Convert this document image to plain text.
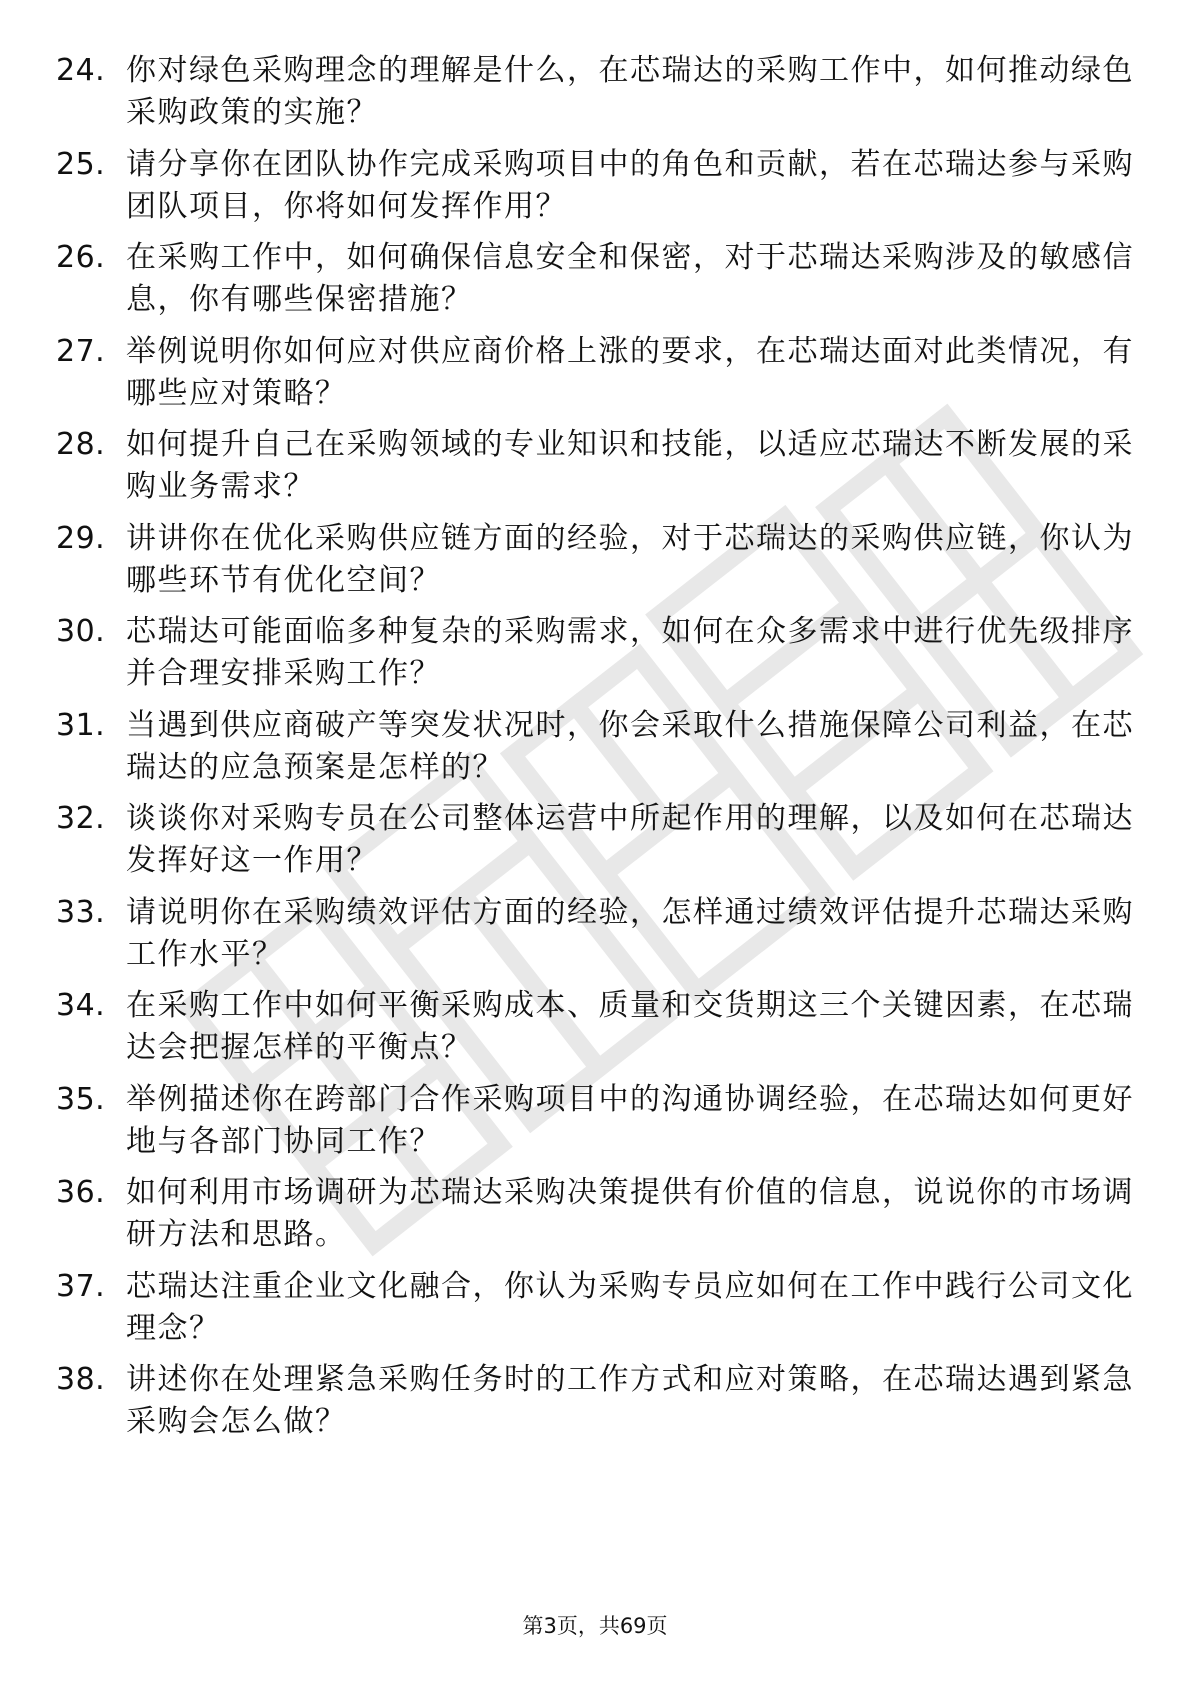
24. 你对绿色采购理念的理解是什么，在芯瑞达的采购工作中，如何推动绿色采购政策的实施？
25. 请分享你在团队协作完成采购项目中的角色和贡献，若在芯瑞达参与采购团队项目，你将如何发挥作用？
26. 在采购工作中，如何确保信息安全和保密，对于芯瑞达采购涉及的敏感信息，你有哪些保密措施？
27. 举例说明你如何应对供应商价格上涨的要求，在芯瑞达面对此类情况，有哪些应对策略？
28. 如何提升自己在采购领域的专业知识和技能，以适应芯瑞达不断发展的采购业务需求？
29. 讲讲你在优化采购供应链方面的经验，对于芯瑞达的采购供应链，你认为哪些环节有优化空间？
30. 芯瑞达可能面临多种复杂的采购需求，如何在众多需求中进行优先级排序并合理安排采购工作？
31. 当遇到供应商破产等突发状况时，你会采取什么措施保障公司利益，在芯瑞达的应急预案是怎样的？
32. 谈谈你对采购专员在公司整体运营中所起作用的理解，以及如何在芯瑞达发挥好这一作用？
33. 请说明你在采购绩效评估方面的经验，怎样通过绩效评估提升芯瑞达采购工作水平？
34. 在采购工作中如何平衡采购成本、质量和交货期这三个关键因素，在芯瑞达会把握怎样的平衡点？
35. 举例描述你在跨部门合作采购项目中的沟通协调经验，在芯瑞达如何更好地与各部门协同工作？
36. 如何利用市场调研为芯瑞达采购决策提供有价值的信息，说说你的市场调研方法和思路。
37. 芯瑞达注重企业文化融合，你认为采购专员应如何在工作中践行公司文化理念？
38. 讲述你在处理紧急采购任务时的工作方式和应对策略，在芯瑞达遇到紧急采购会怎么做？
第3页，共69页
